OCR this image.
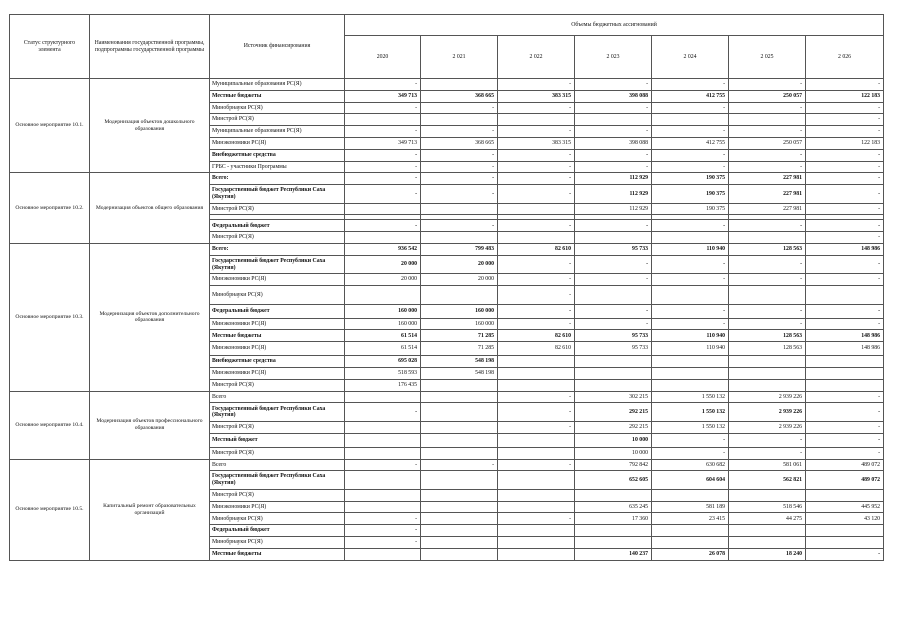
Статус структурного элемента	Наименования государственной программы, подпрограммы государственной программы	Источник финансирования	Объемы бюджетных ассигнований						
			2020	2 021	2 022	2 023	2 024	2 025	2 026
Основное мероприятие 10.1.	Модернизация объектов дошкольного образования	Муниципальные образования РС(Я)	-		-	-	-	-	-
		Местные бюджеты	349 713	368 665	383 315	398 088	412 755	250 057	122 183
		Минобрнауки РС(Я)	-	-	-	-	-	-	-
		Минстрой РС(Я)							-
		Муниципальные образования РС(Я)	-	-	-	-	-	-	-
		Минэкономики РС(Я)	349 713	368 665	383 315	398 088	412 755	250 057	122 183
		Внебюджетные средства	-	-	-	-	-	-	-
		ГРБС - участники Программы	-	-	-	-	-	-	-
Основное мероприятие 10.2.	Модернизация объектов общего образования	Всего:	-	-	-	112 929	190 375	227 981	-
		Государственный бюджет Республики Саха (Якутия)	-	-	-	112 929	190 375	227 981	-
		Минстрой РС(Я)				112 929	190 375	227 981	-

		Федеральный бюджет	-	-	-	-	-	-	-
		Минстрой РС(Я)							-
Основное мероприятие 10.3.	Модернизация объектов дополнительного образования	Всего:	936 542	799 483	82 610	95 733	110 940	128 563	148 986
		Государственный бюджет Республики Саха (Якутия)	20 000	20 000	-	-	-	-	-
		Минэкономики РС(Я)	20 000	20 000	-	-	-	-	-
		Минобрнауки РС(Я)			-				
		Федеральный бюджет	160 000	160 000	-	-	-	-	-
		Минэкономики РС(Я)	160 000	160 000	-	-	-	-	-
		Местные бюджеты	61 514	71 285	82 610	95 733	110 940	128 563	148 986
		Минэкономики РС(Я)	61 514	71 285	82 610	95 733	110 940	128 563	148 986
		Внебюджетные средства	695 028	548 198					
		Минэкономики РС(Я)	518 593	548 198					
		Минстрой РС(Я)	176 435						
Основное мероприятие 10.4.	Модернизация объектов профессионального образования	Всего			-	302 215	1 550 132	2 939 226	-
		Государственный бюджет Республики Саха (Якутия)	-		-	292 215	1 550 132	2 939 226	-
		Минстрой РС(Я)			-	292 215	1 550 132	2 939 226	-
		Местный бюджет				10 000	-	-	-
		Минстрой РС(Я)				10 000	-	-	-
Основное мероприятие 10.5.	Капитальный ремонт образовательных организаций	Всего	-	-	-	792 842	630 682	581 061	489 072
		Государственный бюджет Республики Саха (Якутия)				652 605	604 604	562 821	489 072
		Минстрой РС(Я)							
		Минэкономики РС(Я)				635 245	581 189	518 546	445 952
		Минобрнауки РС(Я)	-		-	17 360	23 415	44 275	43 120
		Федеральный бюджет	-						
		Минобрнауки РС(Я)	-						
		Местные бюджеты				140 237	26 078	18 240	-
